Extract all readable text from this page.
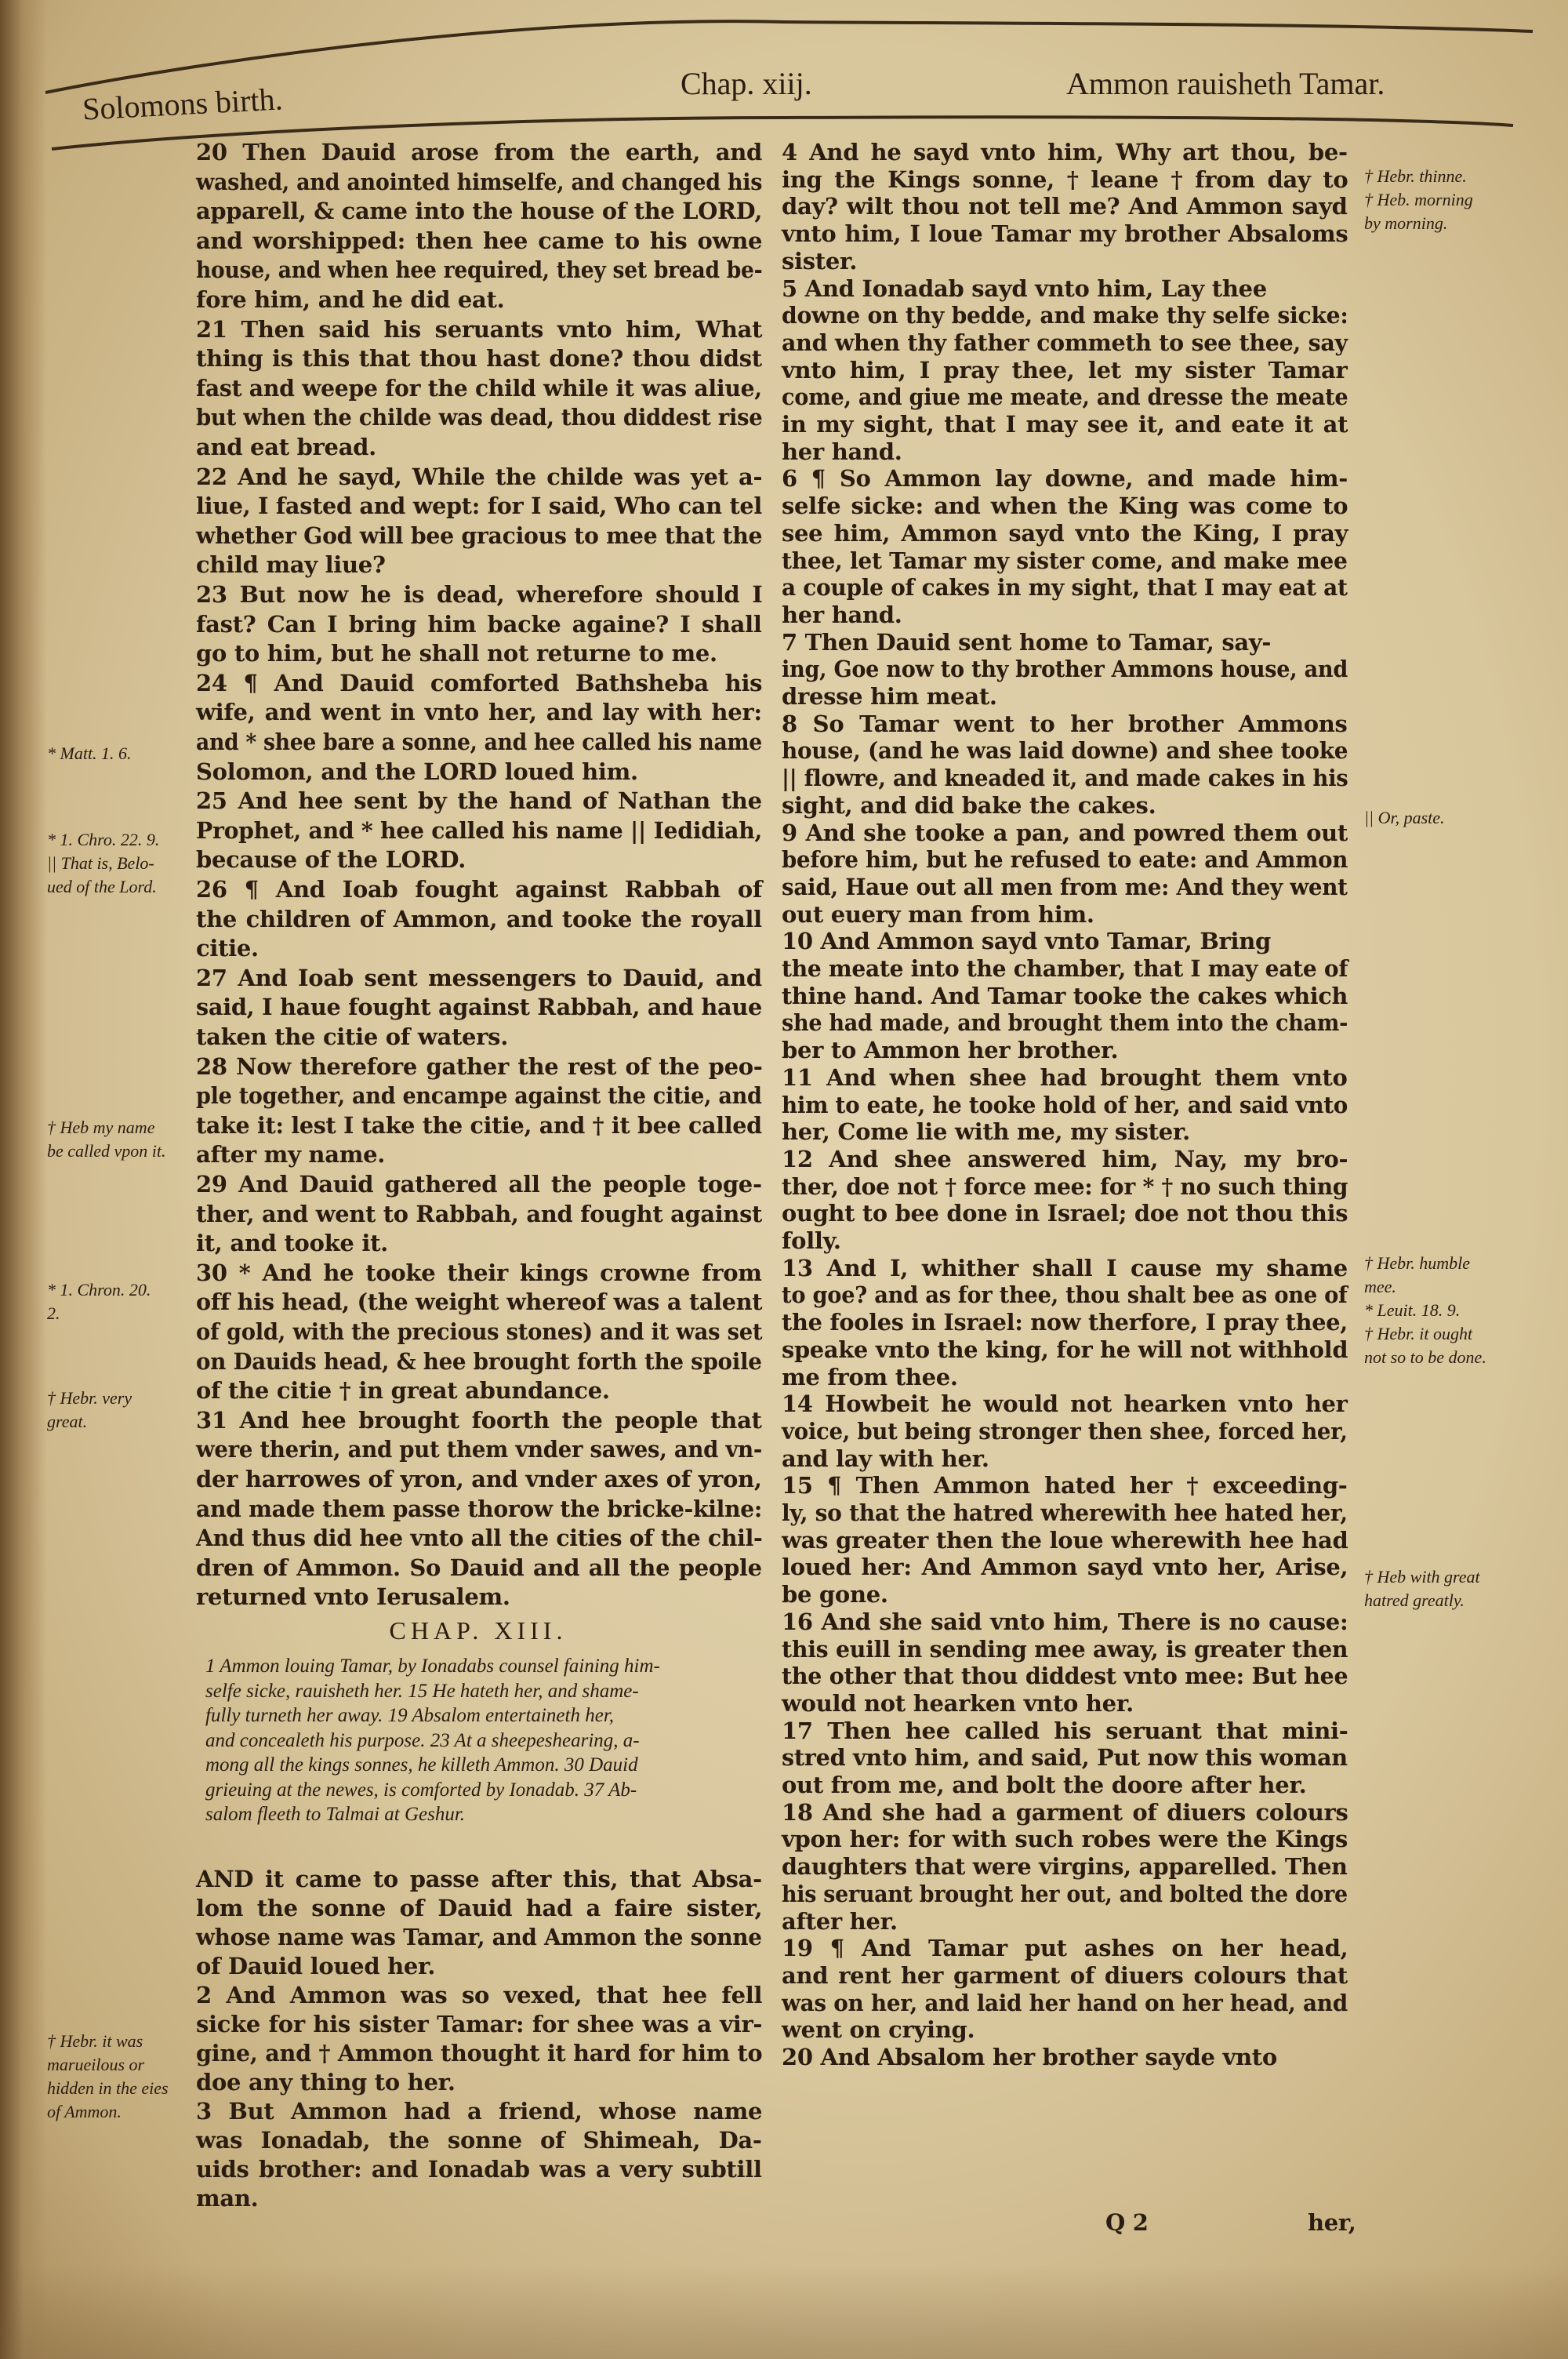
Solomons birth.	Chap. xiij.	Ammon rauisheth Tamar.
20 Then Dauid arose from the earth, and
washed, and anointed himselfe, and changed his
apparell, & came into the house of the LORD,
and worshipped: then hee came to his owne
house, and when hee required, they set bread be-
fore him, and he did eat.
21 Then said his seruants vnto him, What
thing is this that thou hast done? thou didst
fast and weepe for the child while it was aliue,
but when the childe was dead, thou diddest rise
and eat bread.
22 And he sayd, While the childe was yet a-
liue, I fasted and wept: for I said, Who can tel
whether God will bee gracious to mee that the
child may liue?
23 But now he is dead, wherefore should I
fast? Can I bring him backe againe? I shall
go to him, but he shall not returne to me.
24 ¶ And Dauid comforted Bathsheba his
wife, and went in vnto her, and lay with her:
and * shee bare a sonne, and hee called his name
Solomon, and the LORD loued him.
25 And hee sent by the hand of Nathan the
Prophet, and * hee called his name || Iedidiah,
because of the LORD.
26 ¶ And Ioab fought against Rabbah of
the children of Ammon, and tooke the royall
citie.
27 And Ioab sent messengers to Dauid, and
said, I haue fought against Rabbah, and haue
taken the citie of waters.
28 Now therefore gather the rest of the peo-
ple together, and encampe against the citie, and
take it: lest I take the citie, and † it bee called
after my name.
29 And Dauid gathered all the people toge-
ther, and went to Rabbah, and fought against
it, and tooke it.
30 * And he tooke their kings crowne from
off his head, (the weight whereof was a talent
of gold, with the precious stones) and it was set
on Dauids head, & hee brought forth the spoile
of the citie † in great abundance.
31 And hee brought foorth the people that
were therin, and put them vnder sawes, and vn-
der harrowes of yron, and vnder axes of yron,
and made them passe thorow the bricke-kilne:
And thus did hee vnto all the cities of the chil-
dren of Ammon. So Dauid and all the people
returned vnto Ierusalem.
CHAP. XIII.
1 Ammon louing Tamar, by Ionadabs counsel faining him-
selfe sicke, rauisheth her. 15 He hateth her, and shame-
fully turneth her away. 19 Absalom entertaineth her,
and concealeth his purpose. 23 At a sheepeshearing, a-
mong all the kings sonnes, he killeth Ammon. 30 Dauid
grieuing at the newes, is comforted by Ionadab. 37 Ab-
salom fleeth to Talmai at Geshur.
AND it came to passe after this, that Absa-
lom the sonne of Dauid had a faire sister,
whose name was Tamar, and Ammon the sonne
of Dauid loued her.
2 And Ammon was so vexed, that hee fell
sicke for his sister Tamar: for shee was a vir-
gine, and † Ammon thought it hard for him to
doe any thing to her.
3 But Ammon had a friend, whose name
was Ionadab, the sonne of Shimeah, Da-
uids brother: and Ionadab was a very subtill
man.
4 And he sayd vnto him, Why art thou, be-
ing the Kings sonne, † leane † from day to
day? wilt thou not tell me? And Ammon sayd
vnto him, I loue Tamar my brother Absaloms
sister.
5 And Ionadab sayd vnto him, Lay thee
downe on thy bedde, and make thy selfe sicke:
and when thy father commeth to see thee, say
vnto him, I pray thee, let my sister Tamar
come, and giue me meate, and dresse the meate
in my sight, that I may see it, and eate it at
her hand.
6 ¶ So Ammon lay downe, and made him-
selfe sicke: and when the King was come to
see him, Ammon sayd vnto the King, I pray
thee, let Tamar my sister come, and make mee
a couple of cakes in my sight, that I may eat at
her hand.
7 Then Dauid sent home to Tamar, say-
ing, Goe now to thy brother Ammons house, and
dresse him meat.
8 So Tamar went to her brother Ammons
house, (and he was laid downe) and shee tooke
|| flowre, and kneaded it, and made cakes in his
sight, and did bake the cakes.
9 And she tooke a pan, and powred them out
before him, but he refused to eate: and Ammon
said, Haue out all men from me: And they went
out euery man from him.
10 And Ammon sayd vnto Tamar, Bring
the meate into the chamber, that I may eate of
thine hand. And Tamar tooke the cakes which
she had made, and brought them into the cham-
ber to Ammon her brother.
11 And when shee had brought them vnto
him to eate, he tooke hold of her, and said vnto
her, Come lie with me, my sister.
12 And shee answered him, Nay, my bro-
ther, doe not † force mee: for * † no such thing
ought to bee done in Israel; doe not thou this
folly.
13 And I, whither shall I cause my shame
to goe? and as for thee, thou shalt bee as one of
the fooles in Israel: now therfore, I pray thee,
speake vnto the king, for he will not withhold
me from thee.
14 Howbeit he would not hearken vnto her
voice, but being stronger then shee, forced her,
and lay with her.
15 ¶ Then Ammon hated her † exceeding-
ly, so that the hatred wherewith hee hated her,
was greater then the loue wherewith hee had
loued her: And Ammon sayd vnto her, Arise,
be gone.
16 And she said vnto him, There is no cause:
this euill in sending mee away, is greater then
the other that thou diddest vnto mee: But hee
would not hearken vnto her.
17 Then hee called his seruant that mini-
stred vnto him, and said, Put now this woman
out from me, and bolt the doore after her.
18 And she had a garment of diuers colours
vpon her: for with such robes were the Kings
daughters that were virgins, apparelled. Then
his seruant brought her out, and bolted the dore
after her.
19 ¶ And Tamar put ashes on her head,
and rent her garment of diuers colours that
was on her, and laid her hand on her head, and
went on crying.
20 And Absalom her brother sayde vnto
* Matt. 1. 6.
* 1. Chro. 22. 9.
|| That is, Belo-
ued of the Lord.
† Heb my name
be called vpon it.
* 1. Chron. 20.
2.
† Hebr. very
great.
† Hebr. it was
marueilous or
hidden in the eies
of Ammon.
† Hebr. thinne.
† Heb. morning
by morning.
|| Or, paste.
† Hebr. humble
mee.
* Leuit. 18. 9.
† Hebr. it ought
not so to be done.
† Heb with great
hatred greatly.
Q 2	her,
